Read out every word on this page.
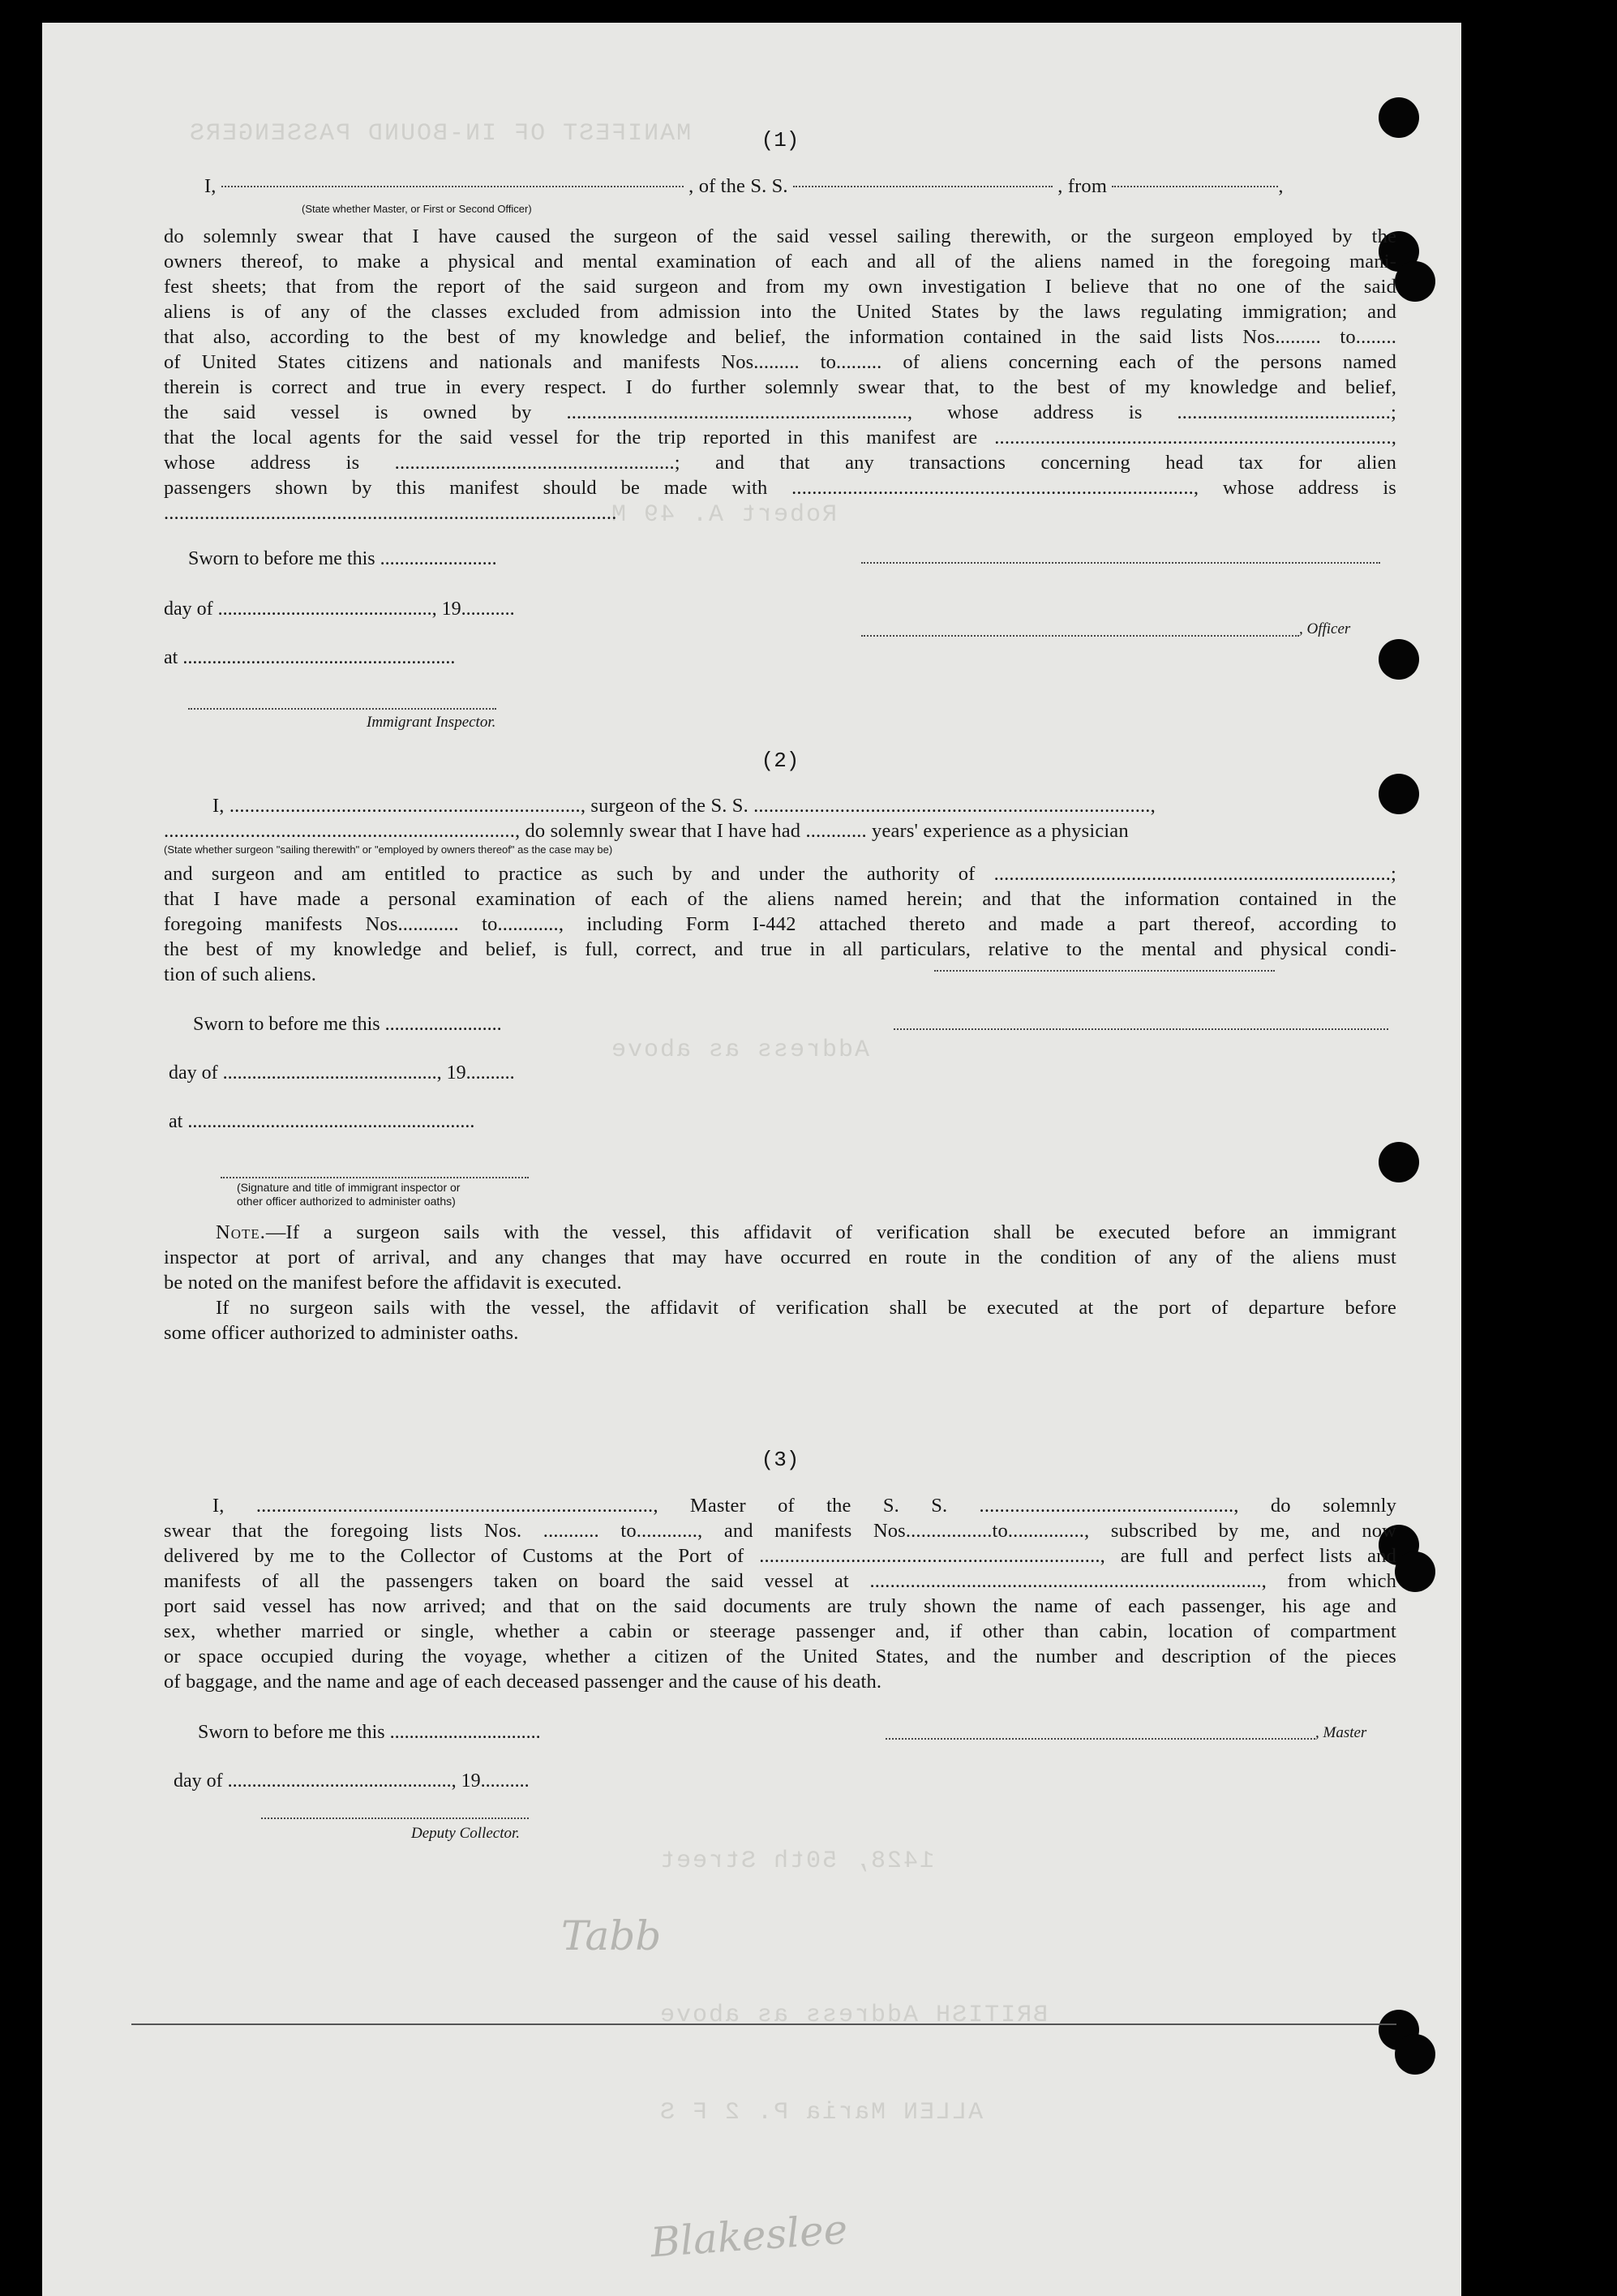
MANIFEST OF IN-BOUND PASSENGERS
Robert A. 49 M
Address as above
1428, 50th Street
BRITISH Address as above
ALLEN Maria P. 2 F S
Tabb
Blakeslee
(1)
I,	, of the S. S.	, from	,
(State whether Master, or First or Second Officer)
do solemnly swear that I have caused the surgeon of the said vessel sailing therewith, or the surgeon employed by the
owners thereof, to make a physical and mental examination of each and all of the aliens named in the foregoing mani-
fest sheets; that from the report of the said surgeon and from my own investigation I believe that no one of the said
aliens is of any of the classes excluded from admission into the United States by the laws regulating immigration; and
that also, according to the best of my knowledge and belief, the information contained in the said lists Nos......... to........
of United States citizens and nationals and manifests Nos......... to......... of aliens concerning each of the persons named
therein is correct and true in every respect. I do further solemnly swear that, to the best of my knowledge and belief,
the said vessel is owned by ..................................................................., whose address is ..........................................;
that the local agents for the said vessel for the trip reported in this manifest are ..............................................................................,
whose address is .......................................................; and that any transactions concerning head tax for alien
passengers shown by this manifest should be made with ..............................................................................., whose address is
.........................................................................................
Sworn to before me this ........................
day of ............................................, 19...........
at ........................................................
Immigrant Inspector.
, Officer
(2)
I, ....................................................................., surgeon of the S. S. ..............................................................................,
....................................................................., do solemnly swear that I have had ............ years' experience as a physician
(State whether surgeon "sailing therewith" or "employed by owners thereof" as the case may be)
and surgeon and am entitled to practice as such by and under the authority of ..............................................................................;
that I have made a personal examination of each of the aliens named herein; and that the information contained in the
foregoing manifests Nos............ to............, including Form I-442 attached thereto and made a part thereof, according to
the best of my knowledge and belief, is full, correct, and true in all particulars, relative to the mental and physical condi-
tion of such aliens.
Sworn to before me this ........................
day of ............................................, 19..........
at ...........................................................
(Signature and title of immigrant inspector or
other officer authorized to administer oaths)
Note.—If a surgeon sails with the vessel, this affidavit of verification shall be executed before an immigrant
inspector at port of arrival, and any changes that may have occurred en route in the condition of any of the aliens must
be noted on the manifest before the affidavit is executed.
If no surgeon sails with the vessel, the affidavit of verification shall be executed at the port of departure before
some officer authorized to administer oaths.
(3)
I, .............................................................................., Master of the S. S. .................................................., do solemnly
swear that the foregoing lists Nos. ........... to............, and manifests Nos.................to..............., subscribed by me, and now
delivered by me to the Collector of Customs at the Port of ..................................................................., are full and perfect lists and
manifests of all the passengers taken on board the said vessel at ............................................................................., from which
port said vessel has now arrived; and that on the said documents are truly shown the name of each passenger, his age and
sex, whether married or single, whether a cabin or steerage passenger and, if other than cabin, location of compartment
or space occupied during the voyage, whether a citizen of the United States, and the number and description of the pieces
of baggage, and the name and age of each deceased passenger and the cause of his death.
Sworn to before me this ...............................
day of .............................................., 19..........
Deputy Collector.
, Master
